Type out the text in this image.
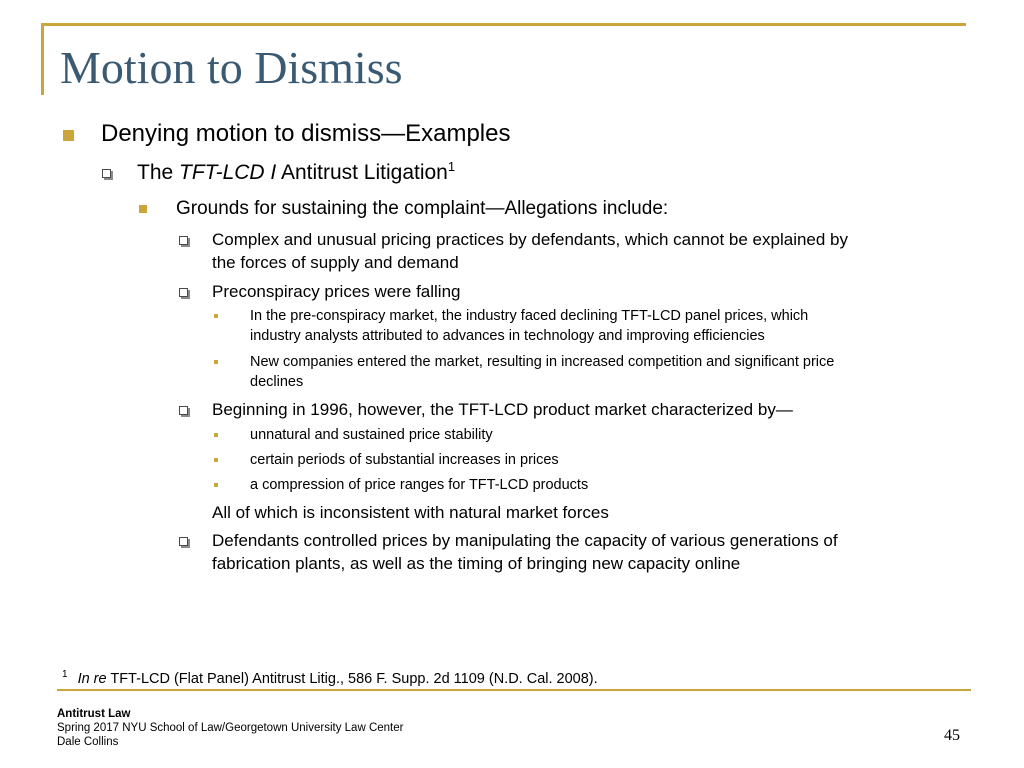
Motion to Dismiss
Denying motion to dismiss—Examples
The TFT-LCD I Antitrust Litigation$^1$
Grounds for sustaining the complaint—Allegations include:
Complex and unusual pricing practices by defendants, which cannot be explained by
the forces of supply and demand
Preconspiracy prices were falling
In the pre-conspiracy market, the industry faced declining TFT-LCD panel prices, which
industry analysts attributed to advances in technology and improving efficiencies
New companies entered the market, resulting in increased competition and significant price
declines
Beginning in 1996, however, the TFT-LCD product market characterized by—
unnatural and sustained price stability
certain periods of substantial increases in prices
a compression of price ranges for TFT-LCD products
All of which is inconsistent with natural market forces
Defendants controlled prices by manipulating the capacity of various generations of
fabrication plants, as well as the timing of bringing new capacity online
$^1$ In re TFT-LCD (Flat Panel) Antitrust Litig., 586 F. Supp. 2d 1109 (N.D. Cal. 2008).
Antitrust Law
Spring 2017 NYU School of Law/Georgetown University Law Center
Dale Collins	45
